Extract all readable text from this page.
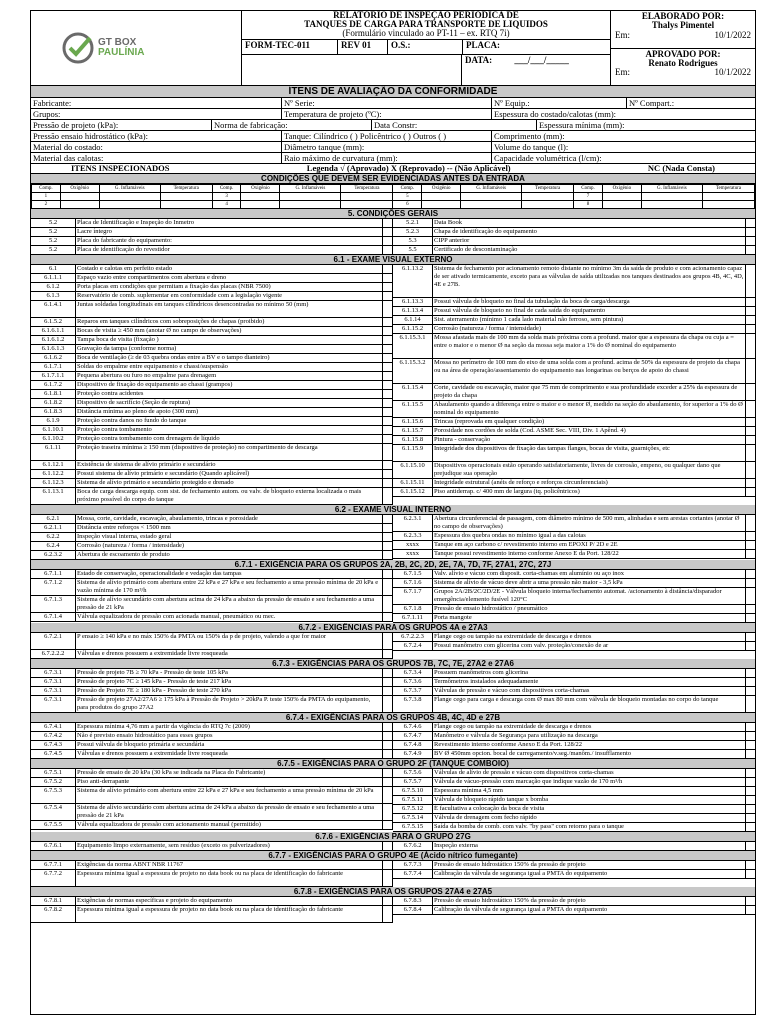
GT BOX
PAULÍNIA
RELATÓRIO DE INSPEÇÃO PERIÓDICA DE
TANQUES DE CARGA PARA TRANSPORTE DE LIQUIDOS
(Formulário vinculado ao PT-11 – ex. RTQ 7i)
FORM-TEC-011	REV 01	O.S.:	PLACA:
DATA: ___/___/_____
ELABORADO POR:
Thalys Pimentel
Em:	10/1/2022
APROVADO POR:
Renato Rodrigues
Em:	10/1/2022
ÍTENS DE AVALIAÇÃO DA CONFORMIDADE
Fabricante:	Nº Serie:	Nº Equip.:	Nº Compart.:
Grupos:	Temperatura de projeto (ºC):	Espessura do costado/calotas (mm):
Pressão de projeto (kPa):	Norma de fabricação:	Data Constr:	Espessura mínima (mm):
Pressão ensaio hidrostático (kPa):	Tanque: Cilíndrico ( ) Policêntrico ( ) Outros ( )	Comprimento (mm):
Material do costado:	Diâmetro tanque (mm):	Volume do tanque (l):
Material das calotas:	Raio máximo de curvatura (mm):	Capacidade volumétrica (l/cm):
ITENS INSPECIONADOS	Legenda √ (Aprovado) X (Reprovado) -- (Não Aplicável)	NC (Nada Consta)
CONDIÇÕES QUE DEVEM SER EVIDENCIADAS ANTES DA ENTRADA
Comp.	Oxigênio	G. Inflamáveis	Temperatura	Comp.	Oxigênio	G. Inflamáveis	Temperatura	Comp.	Oxigênio	G. Inflamáveis	Temperatura	Comp.	Oxigênio	G. Inflamáveis	Temperatura
1				3				5				7			
2				4				6				8			
5. CONDIÇÕES GERAIS
5.2	Placa de Identificação e Inspeção do Inmetro
5.2	Lacre íntegro
5.2	Placa do fabricante do equipamento:
5.2	Placa de identificação do revestidor
5.2.1	Data Book
5.2.3	Chapa de identificação do equipamento
5.3	CIPP anterior
5.5	Certificado de descontaminação
6.1 - EXAME VISUAL EXTERNO
6.1	Costado e calotas em perfeito estado
6.1.1.1	Espaço vazio entre compartimentos com abertura e dreno
6.1.2	Porta placas em condições que permitam a fixação das placas (NBR 7500)
6.1.3	Reservatório de comb. suplementar em conformidade com a legislação vigente
6.1.4.1	Juntas soldadas longitudinais em tanques cilíndricos desencontradas no mínimo 50 (mm)
6.1.5.2	Reparos em tanques cilíndricos com sobreposições de chapas (proibido)
6.1.6.1.1	Bocas de visita ≥ 450 mm (anotar Ø no campo de observações)
6.1.6.1.2	Tampa boca de visita (fixação )
6.1.6.1.3	Gravação da tampa (conforme norma)
6.1.6.2	Boca de ventilação (≥ de 03 quebra ondas entre a BV e o tampo dianteiro)
6.1.7.1	Soldas do empalme entre equipamento e chassi/suspensão
6.1.7.1.1	Pequena abertura ou furo no empalme para drenagem
6.1.7.2	Dispositivo de fixação do equipamento ao chassi (grampos)
6.1.8.1	Proteção contra acidentes
6.1.8.2	Dispositivo de sacrifício (Seção de ruptura)
6.1.8.3	Distância mínima ao pleno de apoio (300 mm)
6.1.9	Proteção contra danos no fundo do tanque
6.1.10.1	Proteção contra tombamento
6.1.10.2	Proteção contra tombamento com drenagem de líquido
6.1.11	Proteção traseira mínima ≥ 150 mm (dispositivo de proteção) no compartimento de descarga
6.1.12.1	Existência de sistema de alívio primário e secundário
6.1.12.2	Possui sistema de alívio primário e secundário (Quando aplicável)
6.1.12.3	Sistema de alívio primário e secundário protegido e drenado
6.1.13.1	Boca de carga descarga equip. com sist. de fechamento autom. ou valv. de bloqueio externa localizada o mais próximo possível do corpo do tanque
6.1.13.2	Sistema de fechamento por acionamento remoto distante no mínimo 3m da saída de produto e com acionamento capaz de ser ativado termicamente, exceto para as válvulas de saída utilizadas nos tanques destinados aos grupos 4B, 4C, 4D, 4E e 27B.
6.1.13.3	Possui válvula de bloqueio no final da tubulação da boca de carga/descarga
6.1.13.4	Possui válvula de bloqueio no final de cada saída do equipamento
6.1.14	Sist. aterramento (mínimo 1 cada lado material não ferroso, sem pintura)
6.1.15.2	Corrosão (natureza / forma / intensidade)
6.1.15.3.1	Mossa afastada mais de 100 mm da solda mais próxima com a profund. maior que a espessura da chapa ou cuja a = entre o maior e o menor Ø na seção da mossa seja maior a 1% do Ø nominal do equipamento
6.1.15.3.2	Mossa no perímetro de 100 mm do eixo de uma solda com a profund. acima de 50% da espessura de projeto da chapa ou na área de operação/assentamento do equipamento nas longarinas ou berços de apoio do chassi
6.1.15.4	Corte, cavidade ou escavação, maior que 75 mm de comprimento e sua profundidade exceder a 25% da espessura de projeto da chapa
6.1.15.5	Abaulamento quando a diferença entre o maior e o menor Ø, medido na seção do abaulamento, for superior a 1% do Ø nominal do equipamento
6.1.15.6	Trincas (reprovada em qualquer condição)
6.1.15.7	Porosidade nos cordões de solda (Cod. ASME Sec. VIII, Div. 1 Apênd. 4)
6.1.15.8	Pintura - conservação
6.1.15.9	Integridade dos dispositivos de fixação das tampas flanges, bocas de visita, guarnições, etc
6.1.15.10	Dispositivos operacionais estão operando satisfatoriamente, livres de corrosão, empeno, ou qualquer dano que prejudique sua operação
6.1.15.11	Integridade estrutural (anéis de reforço e reforços circunferenciais)
6.1.15.12	Piso antiderrap. c/ 400 mm de largura (tq. policêntricos)
6.2 - EXAME VISUAL INTERNO
6.2.1	Mossa, corte, cavidade, escavação, abaulamento, trincas e porosidade
6.2.1.1	Distância entre reforços < 1500 mm
6.2.2	Inspeção visual interna, estado geral
6.2.4	Corrosão (natureza / forma / intensidade)
6.2.3.2	Abertura de escoamento de produto
6.2.3.1	Abertura circunferencial de passagem, com diâmetro mínimo de 500 mm, alinhadas e sem arestas cortantes (anotar Ø no campo de observações)
6.2.3.3	Espessura dos quebra ondas no mínimo igual a das calotas
xxxx	Tanque em aço carbono c/ revestimento interno em EPOXI P/ 2D e 2E
xxxx	Tanque possui revestimento interno conforme Anexo E da Port. 128/22
6.7.1 - EXIGÊNCIA PARA OS GRUPOS 2A, 2B, 2C, 2D, 2E, 7A, 7D, 7F, 27A1, 27C, 27J
6.7.1.1	Estado de conservação, operacionalidade e vedação das tampas
6.7.1.2	Sistema de alívio primário com abertura entre 22 kPa e 27 kPa e seu fechamento a uma pressão mínima de 20 kPa e vazão mínima de 170 m³/h
6.7.1.3	Sistema de alívio secundário com abertura acima de 24 kPa a abaixo da pressão de ensaio e seu fechamento a uma pressão de 21 kPa
6.7.1.4	Válvula equalizadora de pressão com acionada manual, pneumático ou mec.
6.7.1.5	Valv. alívio e vácuo com disposit. corta-chamas em alumínio ou aço inox
6.7.1.6	Sistema de alívio de vácuo deve abrir a uma pressão não maior - 3,5 kPa
6.7.1.7	Grupos 2A/2B/2C/2D/2E - Válvula bloqueio interna/fechamento automat. /acionamento à distância/disparador emergência/elemento fusível 120°C
6.7.1.8	Pressão de ensaio hidrostático / pneumático
6.7.1.11	Porta mangote
6.7.2 - EXIGÊNCIAS PARA OS GRUPOS 4A e 27A3
6.7.2.1	P ensaio ≥ 140 kPa e no máx 150% da PMTA ou 150% da p de projeto, valendo a que for maior
6.7.2.2.2	Válvulas e drenos possuem a extremidade livre rosqueada
6.7.2.2.3	Flange cego ou tampão na extremidade de descarga e drenos
6.7.2.4	Possui manômetro com glicerina com valv. proteção/conexão de ar
6.7.3 - EXIGÊNCIAS PARA OS GRUPOS 7B, 7C, 7E, 27A2 e 27A6
6.7.3.1	Pressão de projeto 7B ≥ 70 kPa - Pressão de teste 105 kPa
6.7.3.1	Pressão de projeto 7C ≥ 145 kPa - Pressão de teste 217 kPa
6.7.3.1	Pressão de Projeto 7E ≥ 180 kPa - Pressão de teste 270 kPa
6.7.3.1	Pressão de projeto 27A2/27A6 ≥ 175 kPa à Pressão de Projeto > 20kPa P. teste 150% da PMTA do equipamento, para produtos do grupo 27A2
6.7.3.4	Possuem manômetros com glicerina
6.7.3.6	Termômetros instalados adequadamente
6.7.3.7	Válvulas de pressão e vácuo com dispositivos corta-chamas
6.7.3.8	Flange cego para carga e descarga com Ø max 80 mm com válvula de bloqueio montadas no corpo do tanque
6.7.4 - EXIGÊNCIAS PARA OS GRUPOS 4B, 4C, 4D e 27B
6.7.4.1	Espessura mínima 4,76 mm a partir da vigência do RTQ 7c (2009)
6.7.4.2	Não é previsto ensaio hidrostático para esses grupos
6.7.4.3	Possui válvula de bloqueio primária e secundária
6.7.4.5	Válvulas e drenos possuem a extremidade livre rosqueada
6.7.4.6	Flange cego ou tampão na extremidade de descarga e drenos
6.7.4.7	Manômetro e válvula de Segurança para utilização na descarga
6.7.4.8	Revestimento interno conforme Anexo E da Port. 128/22
6.7.4.9	BV Ø 450mm opcion. bocal de carregamento/v.seg./manôm./ insufflamento
6.7.5 - EXIGÊNCIAS PARA O GRUPO 2F (TANQUE COMBOIO)
6.7.5.1	Pressão de ensaio de 20 kPa (30 kPa se indicada na Placa do Fabricante)
6.7.5.2	Piso anti-derrapante
6.7.5.3	Sistema de alívio primário com abertura entre 22 kPa e 27 kPa e seu fechamento a uma pressão mínima de 20 kPa
6.7.5.4	Sistema de alívio secundário com abertura acima de 24 kPa a abaixo da pressão de ensaio e seu fechamento a uma pressão de 21 kPa
6.7.5.5	Válvula equalizadora de pressão com acionamento manual (permitido)
6.7.5.6	Válvulas de alívio de pressão e vácuo com dispositivos corta-chamas
6.7.5.7	Válvula de vácuo-pressão com marcação que indique vazão de 170 m³/h
6.7.5.10	Espessura mínima 4,5 mm
6.7.5.11	Válvula de bloqueio rápido tanque x bomba
6.7.5.12	É facultativa a colocação da boca de visita
6.7.5.14	Válvula de drenagem com fecho rápido
6.7.5.15	Saída da bomba de comb. com valv. "by pass" com retorno para o tanque
6.7.6 - EXIGÊNCIAS PARA O GRUPO 27G
6.7.6.1	Equipamento limpo externamente, sem resíduo (exceto os pulverizadores)	6.7.6.2	Inspeção externa
6.7.7 - EXIGÊNCIAS PARA O GRUPO 4E (Ácido nítrico fumegante)
6.7.7.1	Exigências da norma ABNT NBR 11767
6.7.7.2	Espessura mínima igual a espessura de projeto no data book ou na placa de identificação do fabricante
6.7.7.3	Pressão de ensaio hidrostático 150% da pressão de projeto
6.7.7.4	Calibração da válvula de segurança igual a PMTA do equipamento
6.7.8 - EXIGÊNCIAS PARA OS GRUPOS 27A4 e 27A5
6.7.8.1	Exigências de normas específicas e projeto do equipamento
6.7.8.2	Espessura mínima igual a espessura de projeto no data book ou na placa de identificação do fabricante
6.7.8.3	Pressão de ensaio hidrostático 150% da pressão de projeto
6.7.8.4	Calibração da válvula de segurança igual a PMTA do equipamento
